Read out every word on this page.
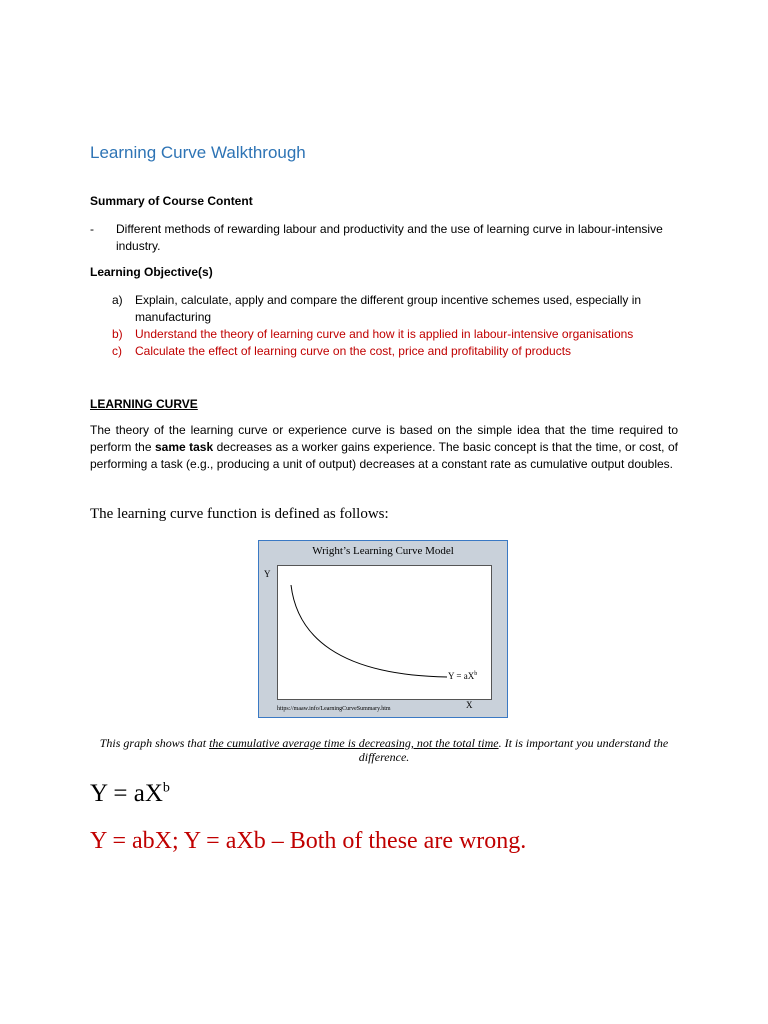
Learning Curve Walkthrough
Summary of Course Content
- Different methods of rewarding labour and productivity and the use of learning curve in labour-intensive industry.
Learning Objective(s)
a) Explain, calculate, apply and compare the different group incentive schemes used, especially in manufacturing
b) Understand the theory of learning curve and how it is applied in labour-intensive organisations
c) Calculate the effect of learning curve on the cost, price and profitability of products
LEARNING CURVE
The theory of the learning curve or experience curve is based on the simple idea that the time required to perform the same task decreases as a worker gains experience. The basic concept is that the time, or cost, of performing a task (e.g., producing a unit of output) decreases at a constant rate as cumulative output doubles.
The learning curve function is defined as follows:
Wright’s Learning Curve Model
Y
$Y = aX^b$
X
https://maaw.info/LearningCurveSummary.htm
This graph shows that the cumulative average time is decreasing, not the total time. It is important you understand the difference.
$Y = aX^b$
Y = abX; Y = aXb – Both of these are wrong.
